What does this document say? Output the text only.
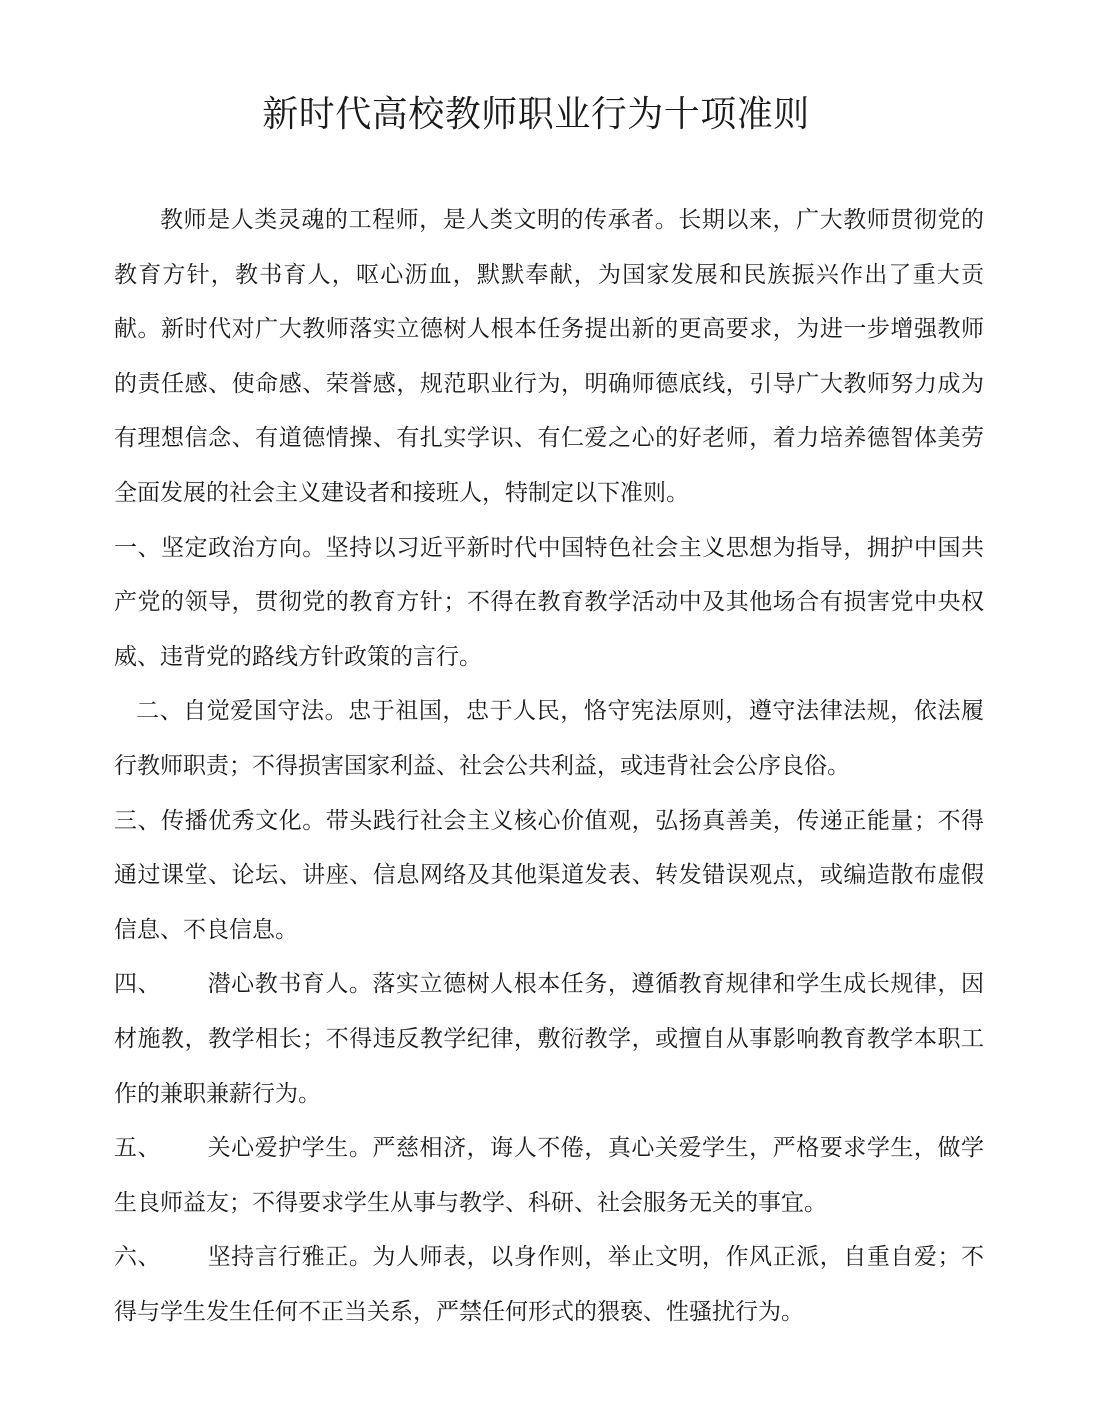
新时代高校教师职业行为十项准则

教师是人类灵魂的工程师，是人类文明的传承者。长期以来，广大教师贯彻党的教育方针，教书育人，呕心沥血，默默奉献，为国家发展和民族振兴作出了重大贡献。新时代对广大教师落实立德树人根本任务提出新的更高要求，为进一步增强教师的责任感、使命感、荣誉感，规范职业行为，明确师德底线，引导广大教师努力成为有理想信念、有道德情操、有扎实学识、有仁爱之心的好老师，着力培养德智体美劳全面发展的社会主义建设者和接班人，特制定以下准则。

一、坚定政治方向。坚持以习近平新时代中国特色社会主义思想为指导，拥护中国共产党的领导，贯彻党的教育方针；不得在教育教学活动中及其他场合有损害党中央权威、违背党的路线方针政策的言行。

二、自觉爱国守法。忠于祖国，忠于人民，恪守宪法原则，遵守法律法规，依法履行教师职责；不得损害国家利益、社会公共利益，或违背社会公序良俗。

三、传播优秀文化。带头践行社会主义核心价值观，弘扬真善美，传递正能量；不得通过课堂、论坛、讲座、信息网络及其他渠道发表、转发错误观点，或编造散布虚假信息、不良信息。

四、 潜心教书育人。落实立德树人根本任务，遵循教育规律和学生成长规律，因材施教，教学相长；不得违反教学纪律，敷衍教学，或擅自从事影响教育教学本职工作的兼职兼薪行为。

五、 关心爱护学生。严慈相济，诲人不倦，真心关爱学生，严格要求学生，做学生良师益友；不得要求学生从事与教学、科研、社会服务无关的事宜。

六、 坚持言行雅正。为人师表，以身作则，举止文明，作风正派，自重自爱；不得与学生发生任何不正当关系，严禁任何形式的猥亵、性骚扰行为。
